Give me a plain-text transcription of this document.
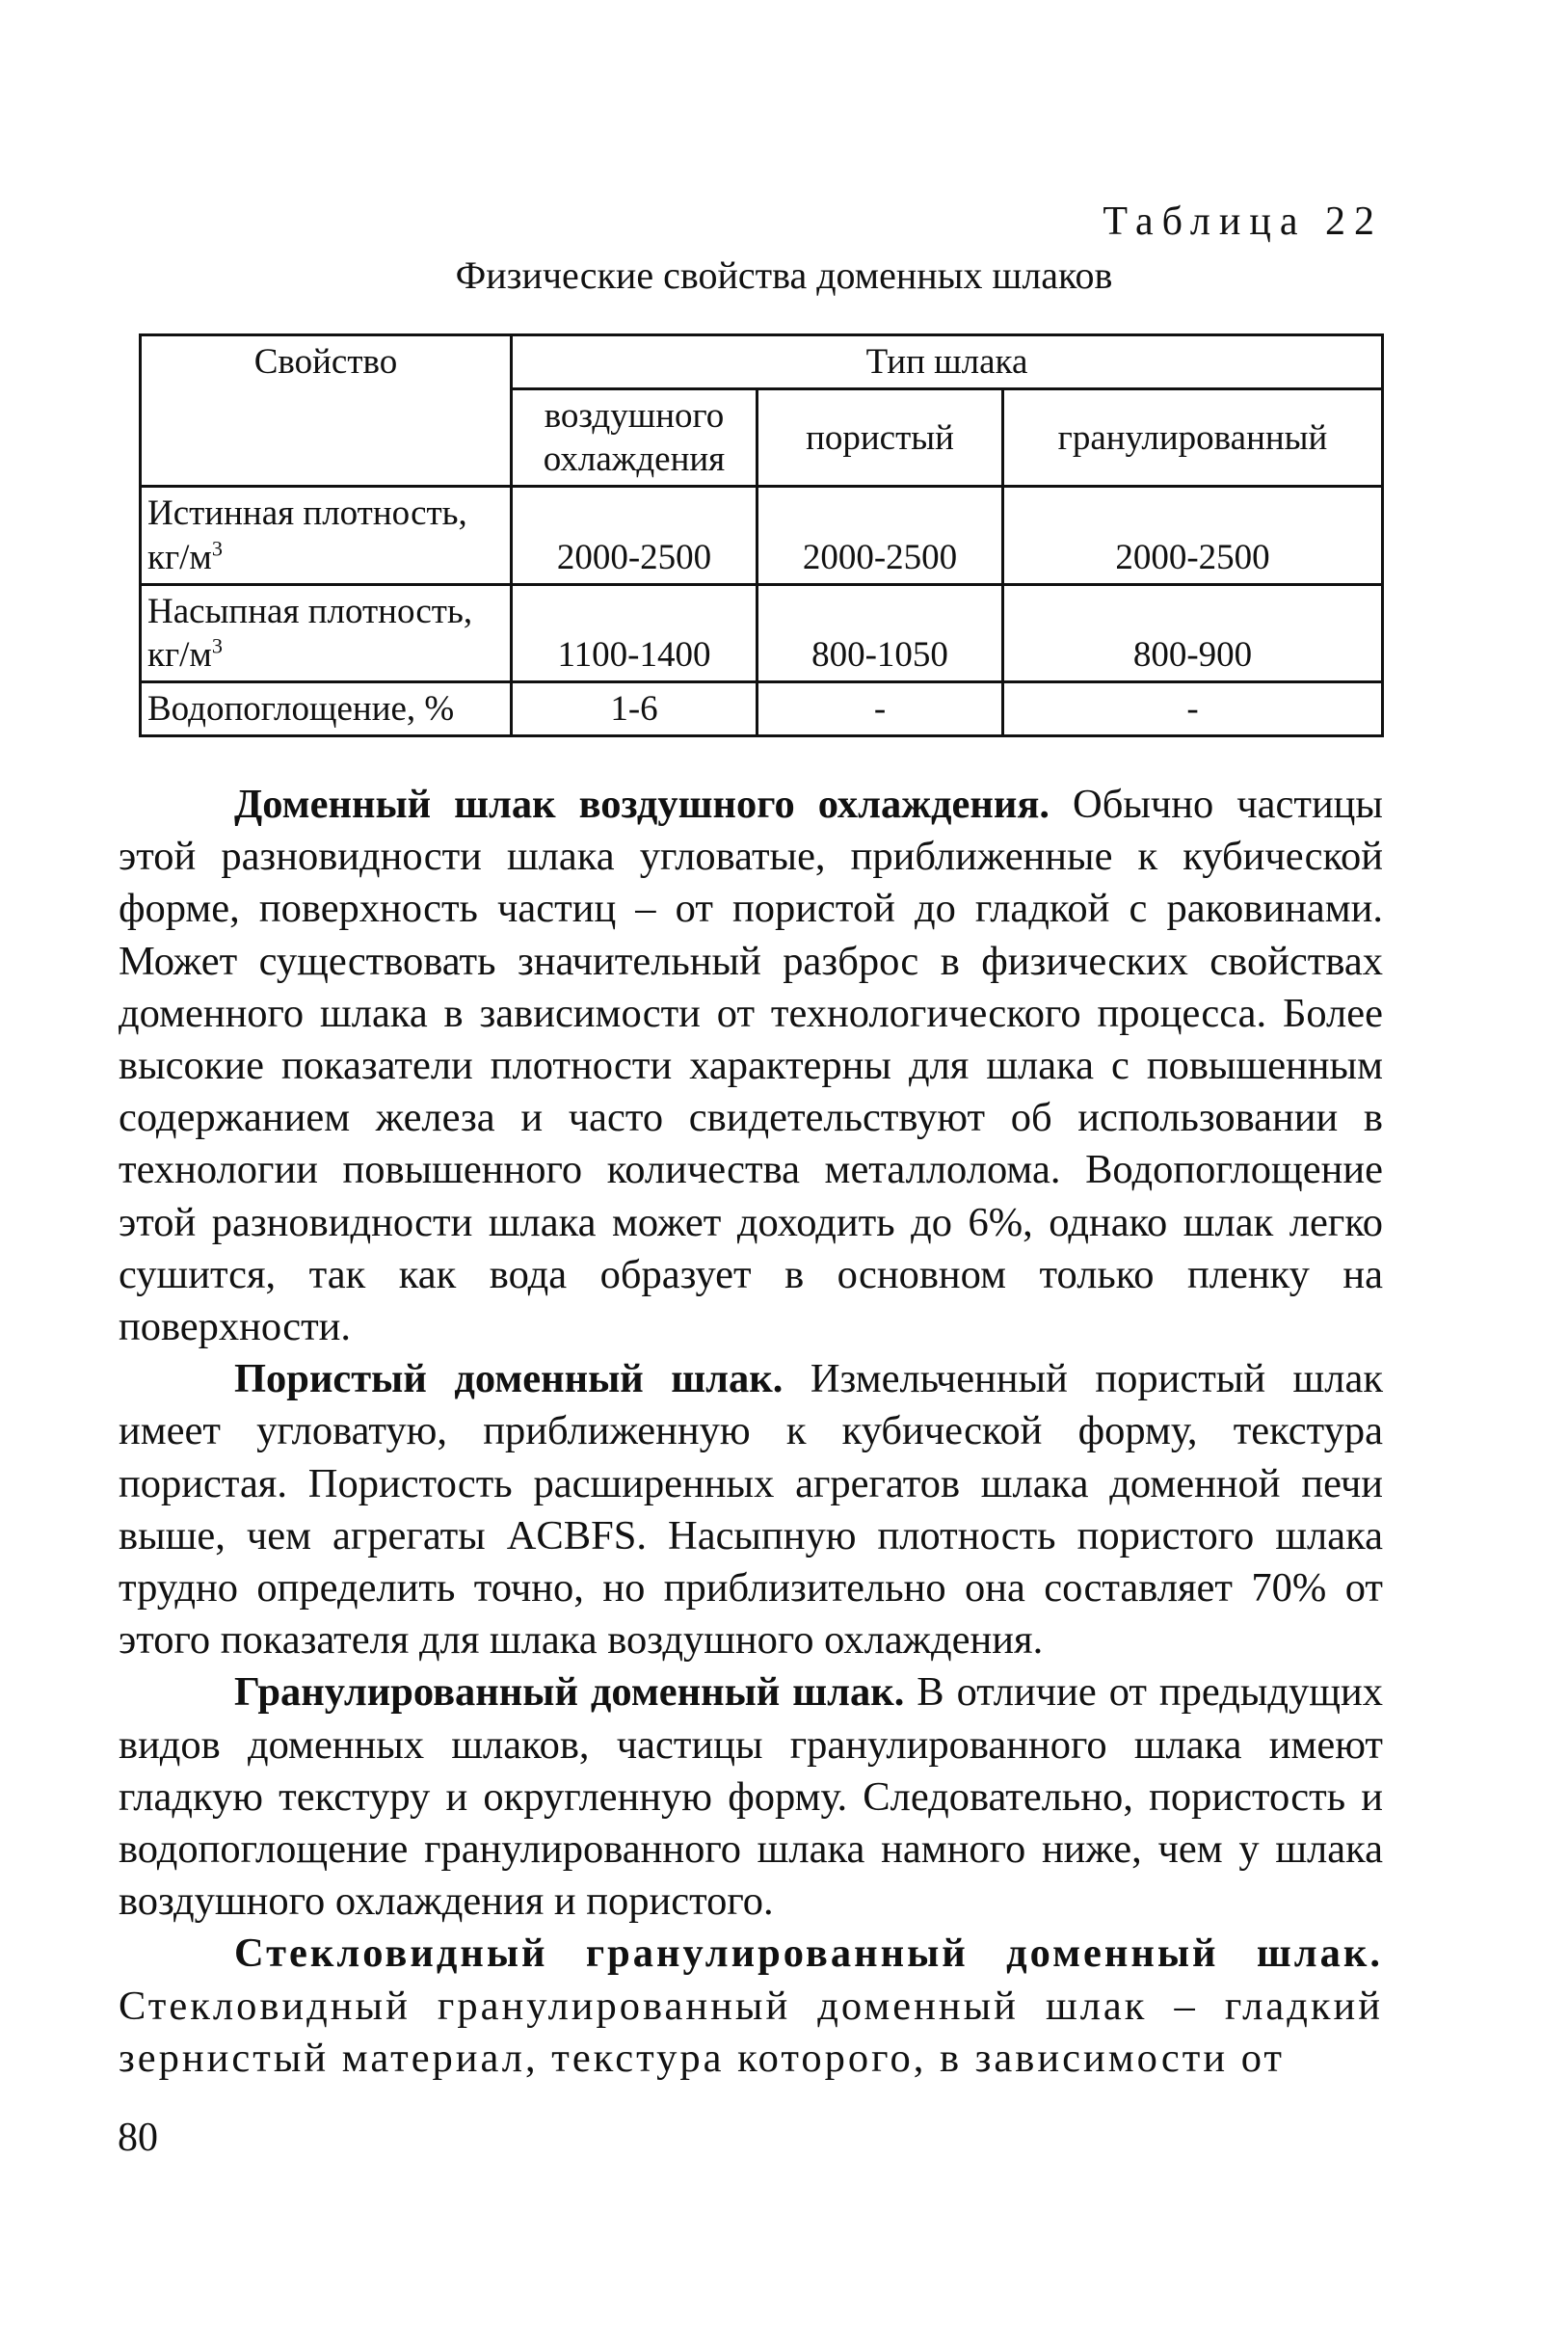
Таблица 22
Физические свойства доменных шлаков
Свойство	Тип шлака		
	воздушного охлаждения	пористый	гранулированный
Истинная плотность, $кг/м^3$	2000-2500	2000-2500	2000-2500
Насыпная плотность, $кг/м^3$	1100-1400	800-1050	800-900
Водопоглощение, %	1-6	-	-

Доменный шлак воздушного охлаждения. Обычно частицы этой разновидности шлака угловатые, приближенные к кубической форме, поверхность частиц – от пористой до гладкой с раковинами. Может существовать значительный разброс в физических свойствах доменного шлака в зависимости от технологического процесса. Более высокие показатели плотности характерны для шлака с повышенным содержанием железа и часто свидетельствуют об использовании в технологии повышенного количества металлолома. Водопоглощение этой разновидности шлака может доходить до 6%, однако шлак легко сушится, так как вода образует в основном только пленку на поверхности.

Пористый доменный шлак. Измельченный пористый шлак имеет угловатую, приближенную к кубической форму, текстура пористая. Пористость расширенных агрегатов шлака доменной печи выше, чем агрегаты ACBFS. Насыпную плотность пористого шлака трудно определить точно, но приблизительно она составляет 70% от этого показателя для шлака воздушного охлаждения.

Гранулированный доменный шлак. В отличие от предыдущих видов доменных шлаков, частицы гранулированного шлака имеют гладкую текстуру и округленную форму. Следовательно, пористость и водопоглощение гранулированного шлака намного ниже, чем у шлака воздушного охлаждения и пористого.

Стекловидный гранулированный доменный шлак. Стекловидный гранулированный доменный шлак – гладкий зернистый материал, текстура которого, в зависимости от

80
